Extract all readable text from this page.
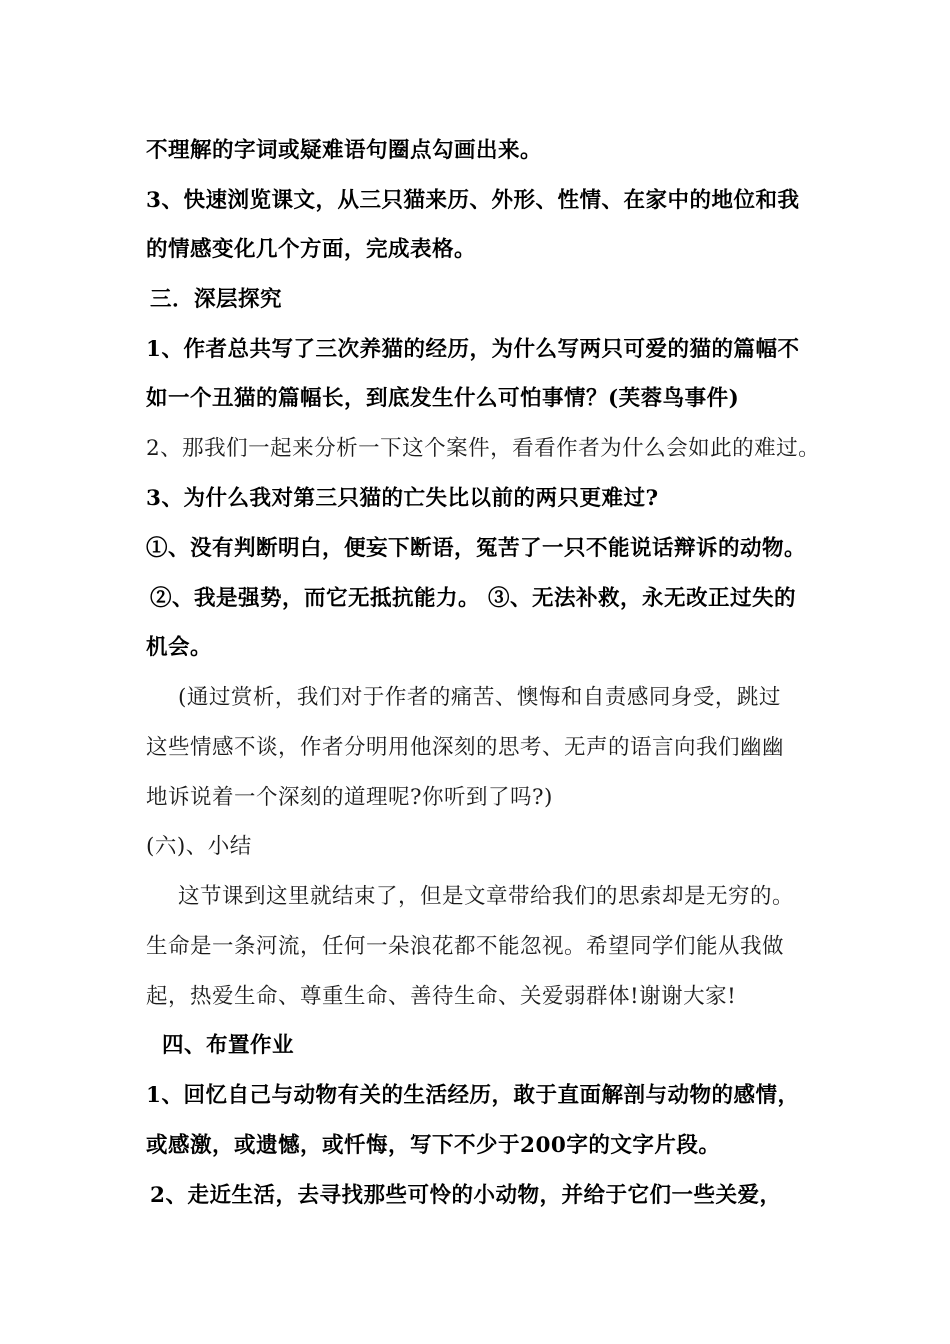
不理解的字词或疑难语句圈点勾画出来。
3、快速浏览课文，从三只猫来历、外形、性情、在家中的地位和我
的情感变化几个方面，完成表格。
三．深层探究
1、作者总共写了三次养猫的经历，为什么写两只可爱的猫的篇幅不
如一个丑猫的篇幅长，到底发生什么可怕事情？(芙蓉鸟事件)
2、那我们一起来分析一下这个案件，看看作者为什么会如此的难过。
3、为什么我对第三只猫的亡失比以前的两只更难过?
①、没有判断明白，便妄下断语，冤苦了一只不能说话辩诉的动物。
②、我是强势，而它无抵抗能力。 ③、无法补救，永无改正过失的
机会。
(通过赏析，我们对于作者的痛苦、懊悔和自责感同身受，跳过
这些情感不谈，作者分明用他深刻的思考、无声的语言向我们幽幽
地诉说着一个深刻的道理呢?你听到了吗?)
(六)、小结
这节课到这里就结束了，但是文章带给我们的思索却是无穷的。
生命是一条河流，任何一朵浪花都不能忽视。希望同学们能从我做
起，热爱生命、尊重生命、善待生命、关爱弱群体!谢谢大家!
四、布置作业
1、回忆自己与动物有关的生活经历，敢于直面解剖与动物的感情，
或感激，或遗憾，或忏悔，写下不少于200字的文字片段。
2、走近生活，去寻找那些可怜的小动物，并给于它们一些关爱，
